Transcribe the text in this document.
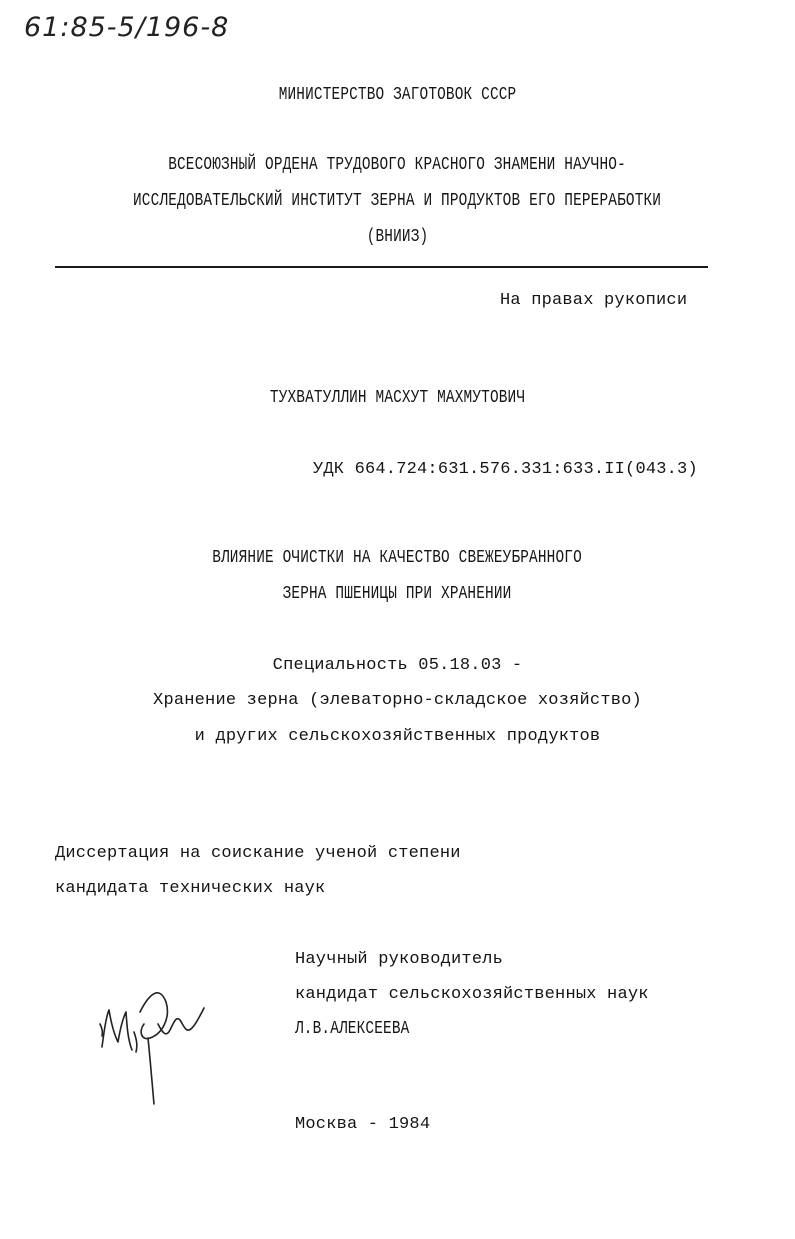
61:85-5/196-8
МИНИСТЕРСТВО ЗАГОТОВОК СССР
ВСЕСОЮЗНЫЙ ОРДЕНА ТРУДОВОГО КРАСНОГО ЗНАМЕНИ НАУЧНО-
ИССЛЕДОВАТЕЛЬСКИЙ ИНСТИТУТ ЗЕРНА И ПРОДУКТОВ ЕГО ПЕРЕРАБОТКИ
(ВНИИЗ)
На правах рукописи
ТУХВАТУЛЛИН МАСХУТ МАХМУТОВИЧ
УДК 664.724:631.576.331:633.II(043.3)
ВЛИЯНИЕ ОЧИСТКИ НА КАЧЕСТВО СВЕЖЕУБРАННОГО
ЗЕРНА ПШЕНИЦЫ ПРИ ХРАНЕНИИ
Специальность 05.18.03 -
Хранение зерна (элеваторно-складское хозяйство)
и других сельскохозяйственных продуктов
Диссертация на соискание ученой степени
кандидата технических наук
Научный руководитель
кандидат сельскохозяйственных наук
Л.В.АЛЕКСЕЕВА
Москва - 1984
